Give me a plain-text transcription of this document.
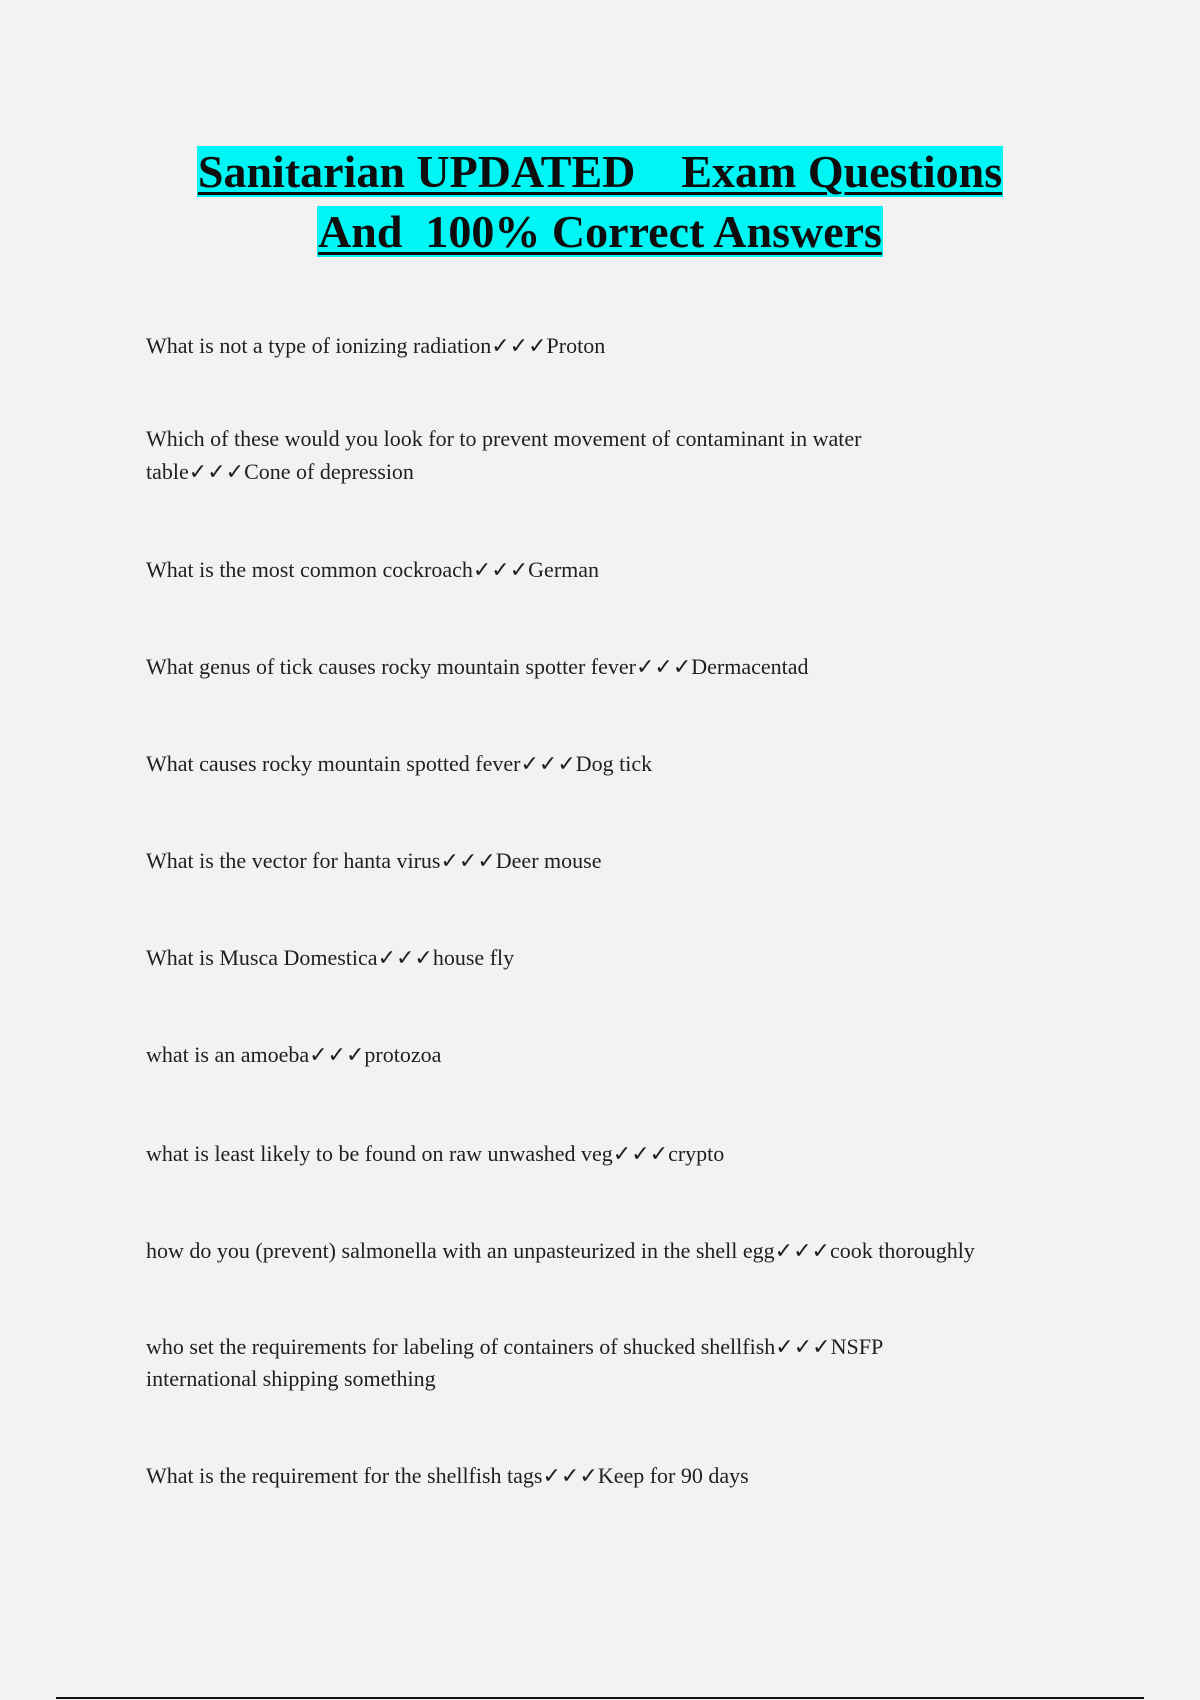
Sanitarian UPDATED    Exam Questions
And  100% Correct Answers
What is not a type of ionizing radiation✓✓✓Proton
Which of these would you look for to prevent movement of contaminant in water table✓✓✓Cone of depression
What is the most common cockroach✓✓✓German
What genus of tick causes rocky mountain spotter fever✓✓✓Dermacentad
What causes rocky mountain spotted fever✓✓✓Dog tick
What is the vector for hanta virus✓✓✓Deer mouse
What is Musca Domestica✓✓✓house fly
what is an amoeba✓✓✓protozoa
what is least likely to be found on raw unwashed veg✓✓✓crypto
how do you (prevent) salmonella with an unpasteurized in the shell egg✓✓✓cook thoroughly
who set the requirements for labeling of containers of shucked shellfish✓✓✓NSFP international shipping something
What is the requirement for the shellfish tags✓✓✓Keep for 90 days
